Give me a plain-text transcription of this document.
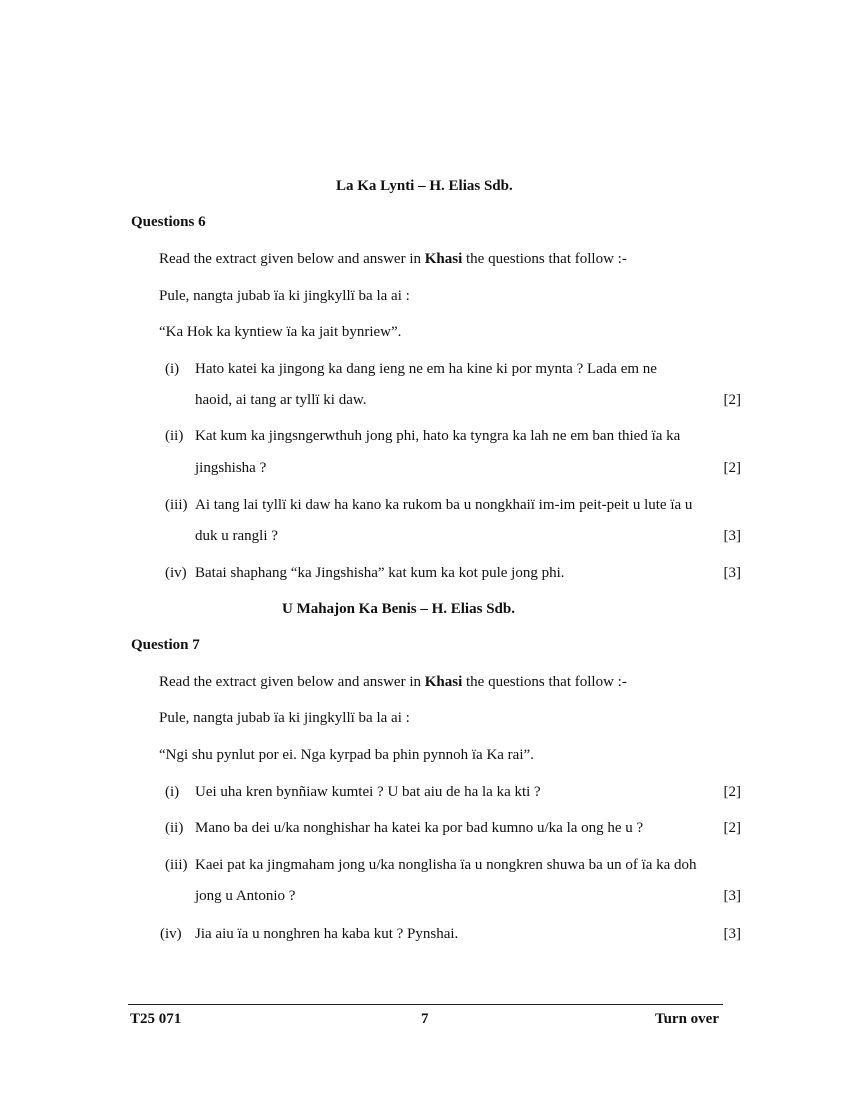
La Ka Lynti – H. Elias Sdb.
Questions 6
Read the extract given below and answer in Khasi the questions that follow :-
Pule, nangta jubab ïa ki jingkyllï ba la ai :
“Ka Hok ka kyntiew ïa ka jait bynriew”.
(i) Hato katei ka jingong ka dang ieng ne em ha kine ki por mynta ? Lada em ne
haoid, ai tang ar tyllï ki daw.	[2]
(ii) Kat kum ka jingsngerwthuh jong phi, hato ka tyngra ka lah ne em ban thied ïa ka
jingshisha ?	[2]
(iii) Ai tang lai tyllï ki daw ha kano ka rukom ba u nongkhaiï im-im peit-peit u lute ïa u
duk u rangli ?	[3]
(iv) Batai shaphang “ka Jingshisha” kat kum ka kot pule jong phi.	[3]
U Mahajon Ka Benis – H. Elias Sdb.
Question 7
Read the extract given below and answer in Khasi the questions that follow :-
Pule, nangta jubab ïa ki jingkyllï ba la ai :
“Ngi shu pynlut por ei. Nga kyrpad ba phin pynnoh ïa Ka rai”.
(i) Uei uha kren bynñiaw kumtei ? U bat aiu de ha la ka kti ?	[2]
(ii) Mano ba dei u/ka nonghishar ha katei ka por bad kumno u/ka la ong he u ?	[2]
(iii) Kaei pat ka jingmaham jong u/ka nonglisha ïa u nongkren shuwa ba un of ïa ka doh
jong u Antonio ?	[3]
(iv) Jia aiu ïa u nonghren ha kaba kut ? Pynshai.	[3]
T25 071	7	Turn over
